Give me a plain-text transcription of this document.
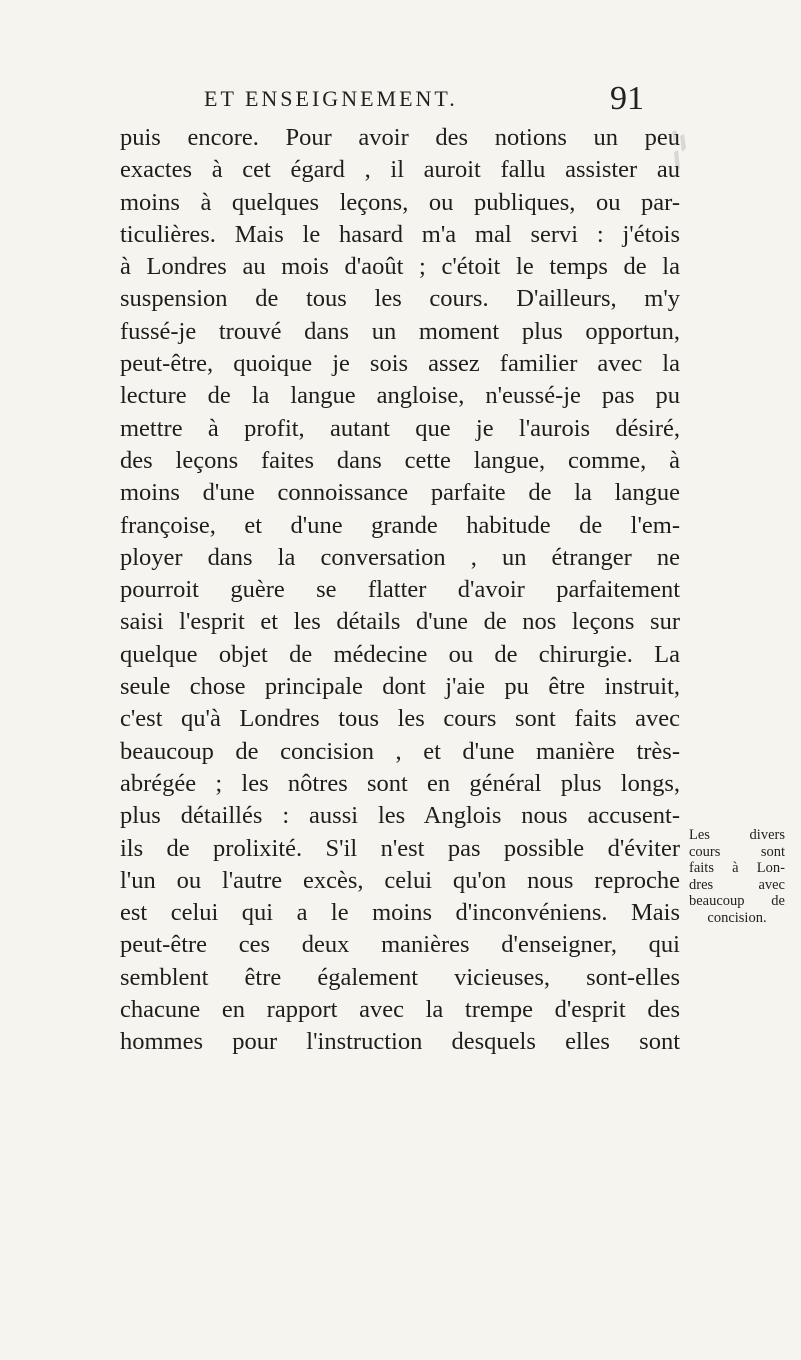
ET ENSEIGNEMENT.	91
puis encore. Pour avoir des notions un peu
exactes à cet égard , il auroit fallu assister au
moins à quelques leçons, ou publiques, ou par-
ticulières. Mais le hasard m'a mal servi : j'étois
à Londres au mois d'août ; c'étoit le temps de la
suspension de tous les cours. D'ailleurs, m'y
fussé-je trouvé dans un moment plus opportun,
peut-être, quoique je sois assez familier avec la
lecture de la langue angloise, n'eussé-je pas pu
mettre à profit, autant que je l'aurois désiré,
des leçons faites dans cette langue, comme, à
moins d'une connoissance parfaite de la langue
françoise, et d'une grande habitude de l'em-
ployer dans la conversation , un étranger ne
pourroit guère se flatter d'avoir parfaitement
saisi l'esprit et les détails d'une de nos leçons sur
quelque objet de médecine ou de chirurgie. La
seule chose principale dont j'aie pu être instruit,
c'est qu'à Londres tous les cours sont faits avec
beaucoup de concision , et d'une manière très-
abrégée ; les nôtres sont en général plus longs,
plus détaillés : aussi les Anglois nous accusent-
ils de prolixité. S'il n'est pas possible d'éviter
l'un ou l'autre excès, celui qu'on nous reproche
est celui qui a le moins d'inconvéniens. Mais
peut-être ces deux manières d'enseigner, qui
semblent être également vicieuses, sont-elles
chacune en rapport avec la trempe d'esprit des
hommes pour l'instruction desquels elles sont
Les divers
cours sont
faits à Lon-
dres avec
beaucoup de
concision.
